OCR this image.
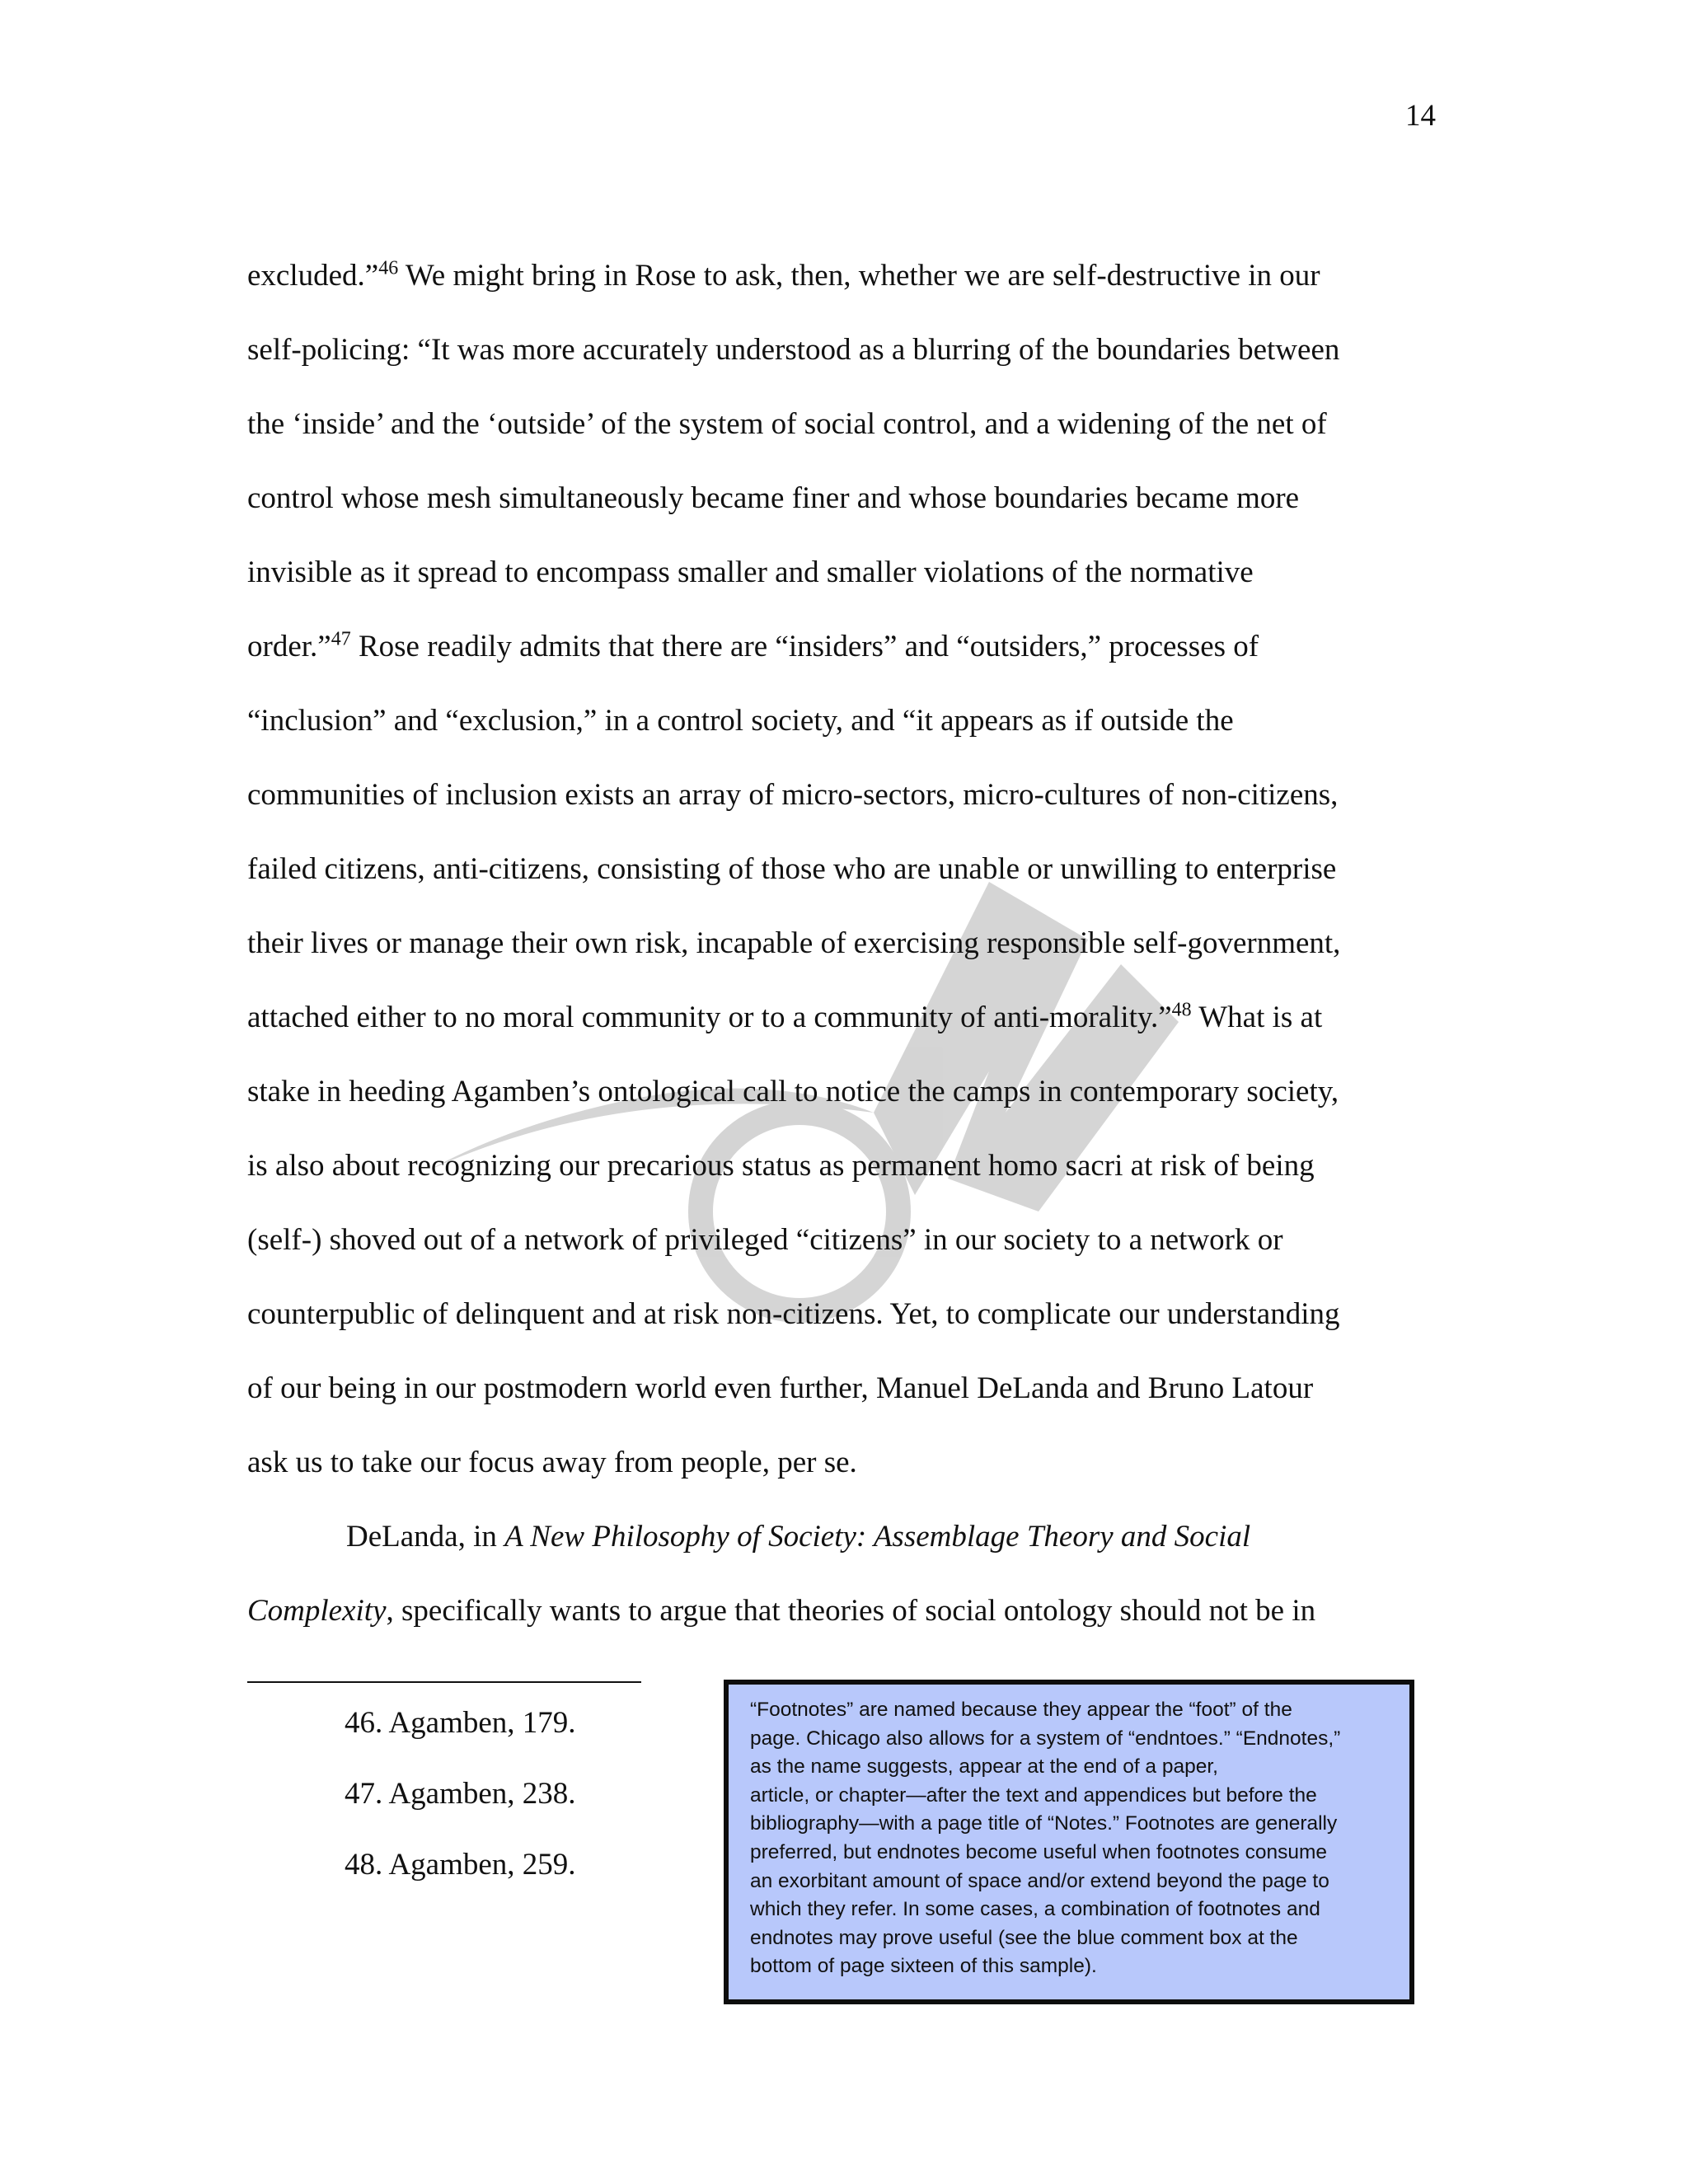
14
excluded.”$^{46}$ We might bring in Rose to ask, then, whether we are self-destructive in our
self-policing: “It was more accurately understood as a blurring of the boundaries between
the ‘inside’ and the ‘outside’ of the system of social control, and a widening of the net of
control whose mesh simultaneously became finer and whose boundaries became more
invisible as it spread to encompass smaller and smaller violations of the normative
order.”$^{47}$ Rose readily admits that there are “insiders” and “outsiders,” processes of
“inclusion” and “exclusion,” in a control society, and “it appears as if outside the
communities of inclusion exists an array of micro-sectors, micro-cultures of non-citizens,
failed citizens, anti-citizens, consisting of those who are unable or unwilling to enterprise
their lives or manage their own risk, incapable of exercising responsible self-government,
attached either to no moral community or to a community of anti-morality.”$^{48}$ What is at
stake in heeding Agamben’s ontological call to notice the camps in contemporary society,
is also about recognizing our precarious status as permanent homo sacri at risk of being
(self-) shoved out of a network of privileged “citizens” in our society to a network or
counterpublic of delinquent and at risk non-citizens. Yet, to complicate our understanding
of our being in our postmodern world even further, Manuel DeLanda and Bruno Latour
ask us to take our focus away from people, per se.
DeLanda, in A New Philosophy of Society: Assemblage Theory and Social
Complexity, specifically wants to argue that theories of social ontology should not be in
46. Agamben, 179.
47. Agamben, 238.
48. Agamben, 259.
“Footnotes” are named because they appear the “foot” of the
page. Chicago also allows for a system of “endntoes.” “Endnotes,”
as the name suggests, appear at the end of a paper,
article, or chapter—after the text and appendices but before the
bibliography—with a page title of “Notes.” Footnotes are generally
preferred, but endnotes become useful when footnotes consume
an exorbitant amount of space and/or extend beyond the page to
which they refer. In some cases, a combination of footnotes and
endnotes may prove useful (see the blue comment box at the
bottom of page sixteen of this sample).
